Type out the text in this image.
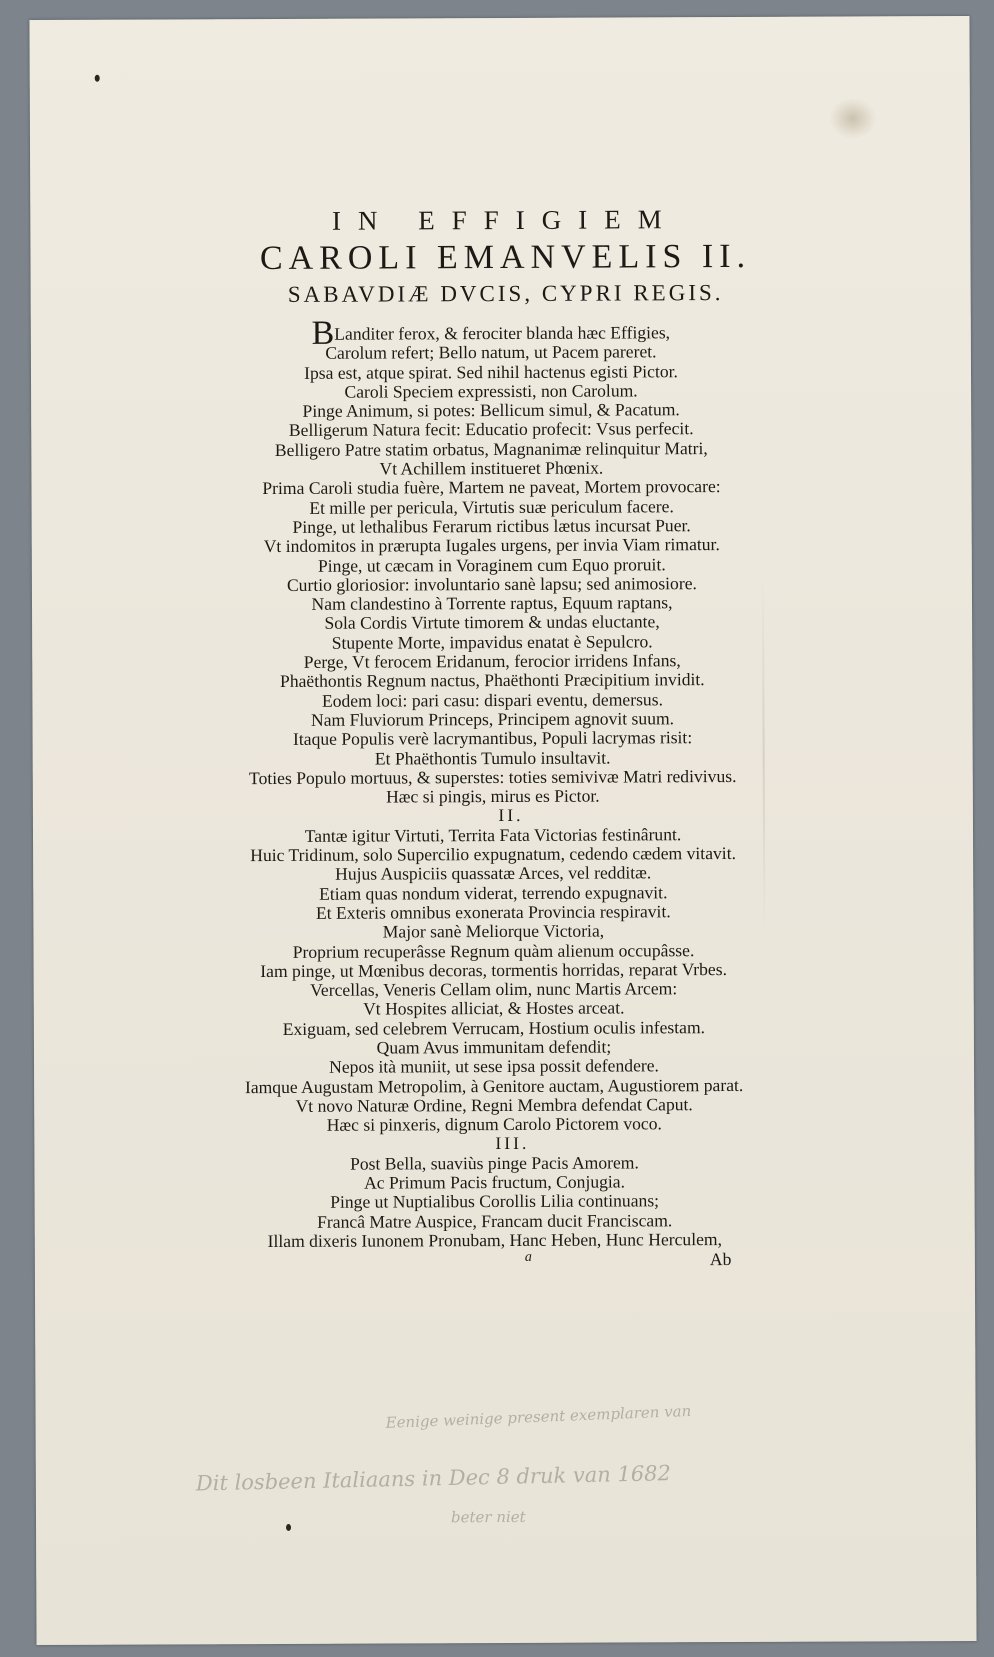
IN EFFIGIEM
CAROLI EMANVELIS II.
SABAVDIÆ DVCIS, CYPRI REGIS.
BLanditer ferox, & ferociter blanda hæc Effigies,
Carolum refert; Bello natum, ut Pacem pareret.
Ipsa est, atque spirat. Sed nihil hactenus egisti Pictor.
Caroli Speciem expressisti, non Carolum.
Pinge Animum, si potes: Bellicum simul, & Pacatum.
Belligerum Natura fecit: Educatio profecit: Vsus perfecit.
Belligero Patre statim orbatus, Magnanimæ relinquitur Matri,
Vt Achillem institueret Phœnix.
Prima Caroli studia fuère, Martem ne paveat, Mortem provocare:
Et mille per pericula, Virtutis suæ periculum facere.
Pinge, ut lethalibus Ferarum rictibus lætus incursat Puer.
Vt indomitos in prærupta Iugales urgens, per invia Viam rimatur.
Pinge, ut cæcam in Voraginem cum Equo proruit.
Curtio gloriosior: involuntario sanè lapsu; sed animosiore.
Nam clandestino à Torrente raptus, Equum raptans,
Sola Cordis Virtute timorem & undas eluctante,
Stupente Morte, impavidus enatat è Sepulcro.
Perge, Vt ferocem Eridanum, ferocior irridens Infans,
Phaëthontis Regnum nactus, Phaëthonti Præcipitium invidit.
Eodem loci: pari casu: dispari eventu, demersus.
Nam Fluviorum Princeps, Principem agnovit suum.
Itaque Populis verè lacrymantibus, Populi lacrymas risit:
Et Phaëthontis Tumulo insultavit.
Toties Populo mortuus, & superstes: toties semivivæ Matri redivivus.
Hæc si pingis, mirus es Pictor.
II.
Tantæ igitur Virtuti, Territa Fata Victorias festinârunt.
Huic Tridinum, solo Supercilio expugnatum, cedendo cædem vitavit.
Hujus Auspiciis quassatæ Arces, vel redditæ.
Etiam quas nondum viderat, terrendo expugnavit.
Et Exteris omnibus exonerata Provincia respiravit.
Major sanè Meliorque Victoria,
Proprium recuperâsse Regnum quàm alienum occupâsse.
Iam pinge, ut Mœnibus decoras, tormentis horridas, reparat Vrbes.
Vercellas, Veneris Cellam olim, nunc Martis Arcem:
Vt Hospites alliciat, & Hostes arceat.
Exiguam, sed celebrem Verrucam, Hostium oculis infestam.
Quam Avus immunitam defendit;
Nepos ità muniit, ut sese ipsa possit defendere.
Iamque Augustam Metropolim, à Genitore auctam, Augustiorem parat.
Vt novo Naturæ Ordine, Regni Membra defendat Caput.
Hæc si pinxeris, dignum Carolo Pictorem voco.
III.
Post Bella, suaviùs pinge Pacis Amorem.
Ac Primum Pacis fructum, Conjugia.
Pinge ut Nuptialibus Corollis Lilia continuans;
Francâ Matre Auspice, Francam ducit Franciscam.
Illam dixeris Iunonem Pronubam, Hanc Heben, Hunc Herculem,
a	Ab
Eenige weinige present exemplaren van
Dit losbeen Italiaans in Dec 8 druk van 1682
beter niet
